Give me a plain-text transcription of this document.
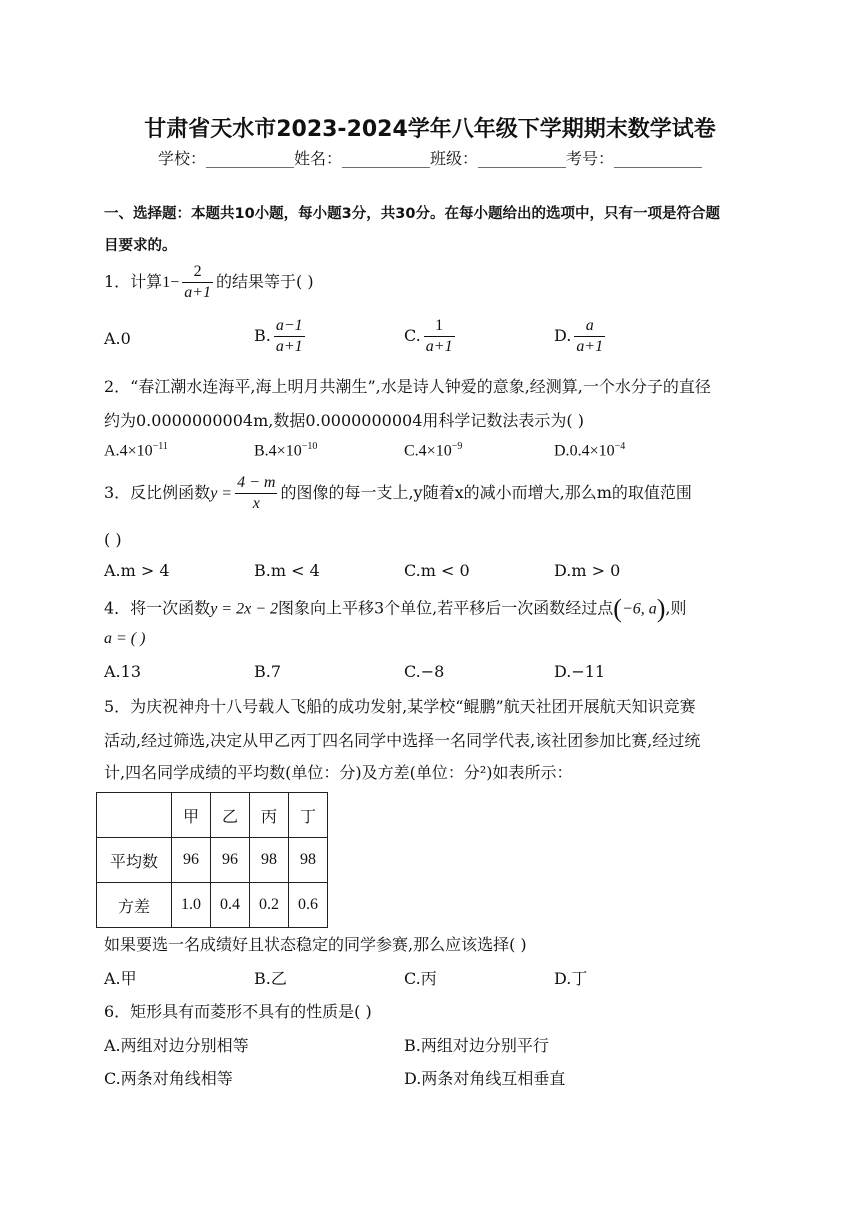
甘肃省天水市2023-2024学年八年级下学期期末数学试卷
学校：___________姓名：___________班级：___________考号：___________
一、选择题：本题共10小题，每小题3分，共30分。在每小题给出的选项中，只有一项是符合题
目要求的。
1．计算$1- \frac{2}{a+1}$ 的结果等于( )
A.0	B. $\frac{a-1}{a+1}$	C. $\frac{1}{a+1}$	D. $\frac{a}{a+1}$
2．“春江潮水连海平,海上明月共潮生”,水是诗人钟爱的意象,经测算,一个水分子的直径
约为0.0000000004m,数据0.0000000004用科学记数法表示为( )
$A.4\times 10^{-11}$	$B.4\times 10^{-10}$	$C.4\times 10^{-9}$	$D.0.4\times 10^{-4}$
3．反比例函数$y = \frac{4 - m}{x}$ 的图像的每一支上,y随着x的减小而增大,那么m的取值范围
( )
A.m > 4	B.m < 4	C.m < 0	D.m > 0
4．将一次函数y = 2x − 2图象向上平移3个单位,若平移后一次函数经过点(−6, a),则
a = ( )
A.13	B.7	C.−8	D.−11
5．为庆祝神舟十八号载人飞船的成功发射,某学校“鲲鹏”航天社团开展航天知识竞赛
活动,经过筛选,决定从甲乙丙丁四名同学中选择一名同学代表,该社团参加比赛,经过统
计,四名同学成绩的平均数(单位：分)及方差(单位：分²)如表所示：
	甲	乙	丙	丁
平均数	96	96	98	98
方差	1.0	0.4	0.2	0.6
如果要选一名成绩好且状态稳定的同学参赛,那么应该选择( )
A.甲	B.乙	C.丙	D.丁
6．矩形具有而菱形不具有的性质是( )
A.两组对边分别相等	B.两组对边分别平行
C.两条对角线相等	D.两条对角线互相垂直
